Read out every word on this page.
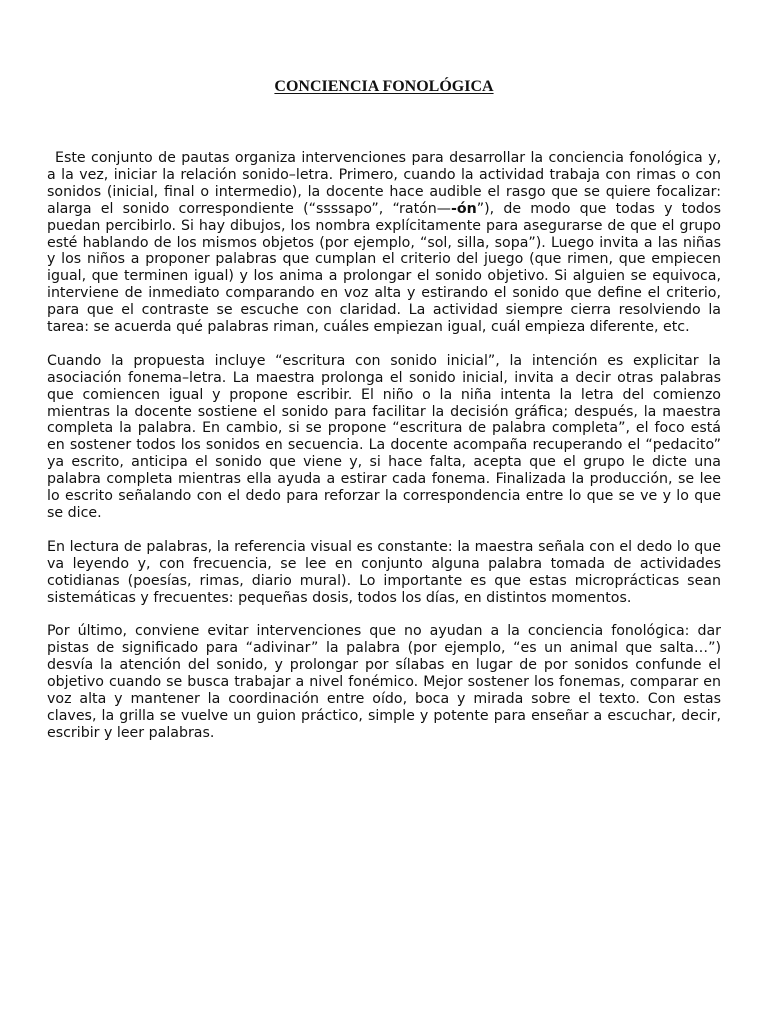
CONCIENCIA FONOLÓGICA

Este conjunto de pautas organiza intervenciones para desarrollar la conciencia fonológica y, a la vez, iniciar la relación sonido–letra. Primero, cuando la actividad trabaja con rimas o con sonidos (inicial, final o intermedio), la docente hace audible el rasgo que se quiere focalizar: alarga el sonido correspondiente (“ssssapo”, “ratón—-ón”), de modo que todas y todos puedan percibirlo. Si hay dibujos, los nombra explícitamente para asegurarse de que el grupo esté hablando de los mismos objetos (por ejemplo, “sol, silla, sopa”). Luego invita a las niñas y los niños a proponer palabras que cumplan el criterio del juego (que rimen, que empiecen igual, que terminen igual) y los anima a prolongar el sonido objetivo. Si alguien se equivoca, interviene de inmediato comparando en voz alta y estirando el sonido que define el criterio, para que el contraste se escuche con claridad. La actividad siempre cierra resolviendo la tarea: se acuerda qué palabras riman, cuáles empiezan igual, cuál empieza diferente, etc.

Cuando la propuesta incluye “escritura con sonido inicial”, la intención es explicitar la asociación fonema–letra. La maestra prolonga el sonido inicial, invita a decir otras palabras que comiencen igual y propone escribir. El niño o la niña intenta la letra del comienzo mientras la docente sostiene el sonido para facilitar la decisión gráfica; después, la maestra completa la palabra. En cambio, si se propone “escritura de palabra completa”, el foco está en sostener todos los sonidos en secuencia. La docente acompaña recuperando el “pedacito” ya escrito, anticipa el sonido que viene y, si hace falta, acepta que el grupo le dicte una palabra completa mientras ella ayuda a estirar cada fonema. Finalizada la producción, se lee lo escrito señalando con el dedo para reforzar la correspondencia entre lo que se ve y lo que se dice.

En lectura de palabras, la referencia visual es constante: la maestra señala con el dedo lo que va leyendo y, con frecuencia, se lee en conjunto alguna palabra tomada de actividades cotidianas (poesías, rimas, diario mural). Lo importante es que estas microprácticas sean sistemáticas y frecuentes: pequeñas dosis, todos los días, en distintos momentos.

Por último, conviene evitar intervenciones que no ayudan a la conciencia fonológica: dar pistas de significado para “adivinar” la palabra (por ejemplo, “es un animal que salta…”) desvía la atención del sonido, y prolongar por sílabas en lugar de por sonidos confunde el objetivo cuando se busca trabajar a nivel fonémico. Mejor sostener los fonemas, comparar en voz alta y mantener la coordinación entre oído, boca y mirada sobre el texto. Con estas claves, la grilla se vuelve un guion práctico, simple y potente para enseñar a escuchar, decir, escribir y leer palabras.
